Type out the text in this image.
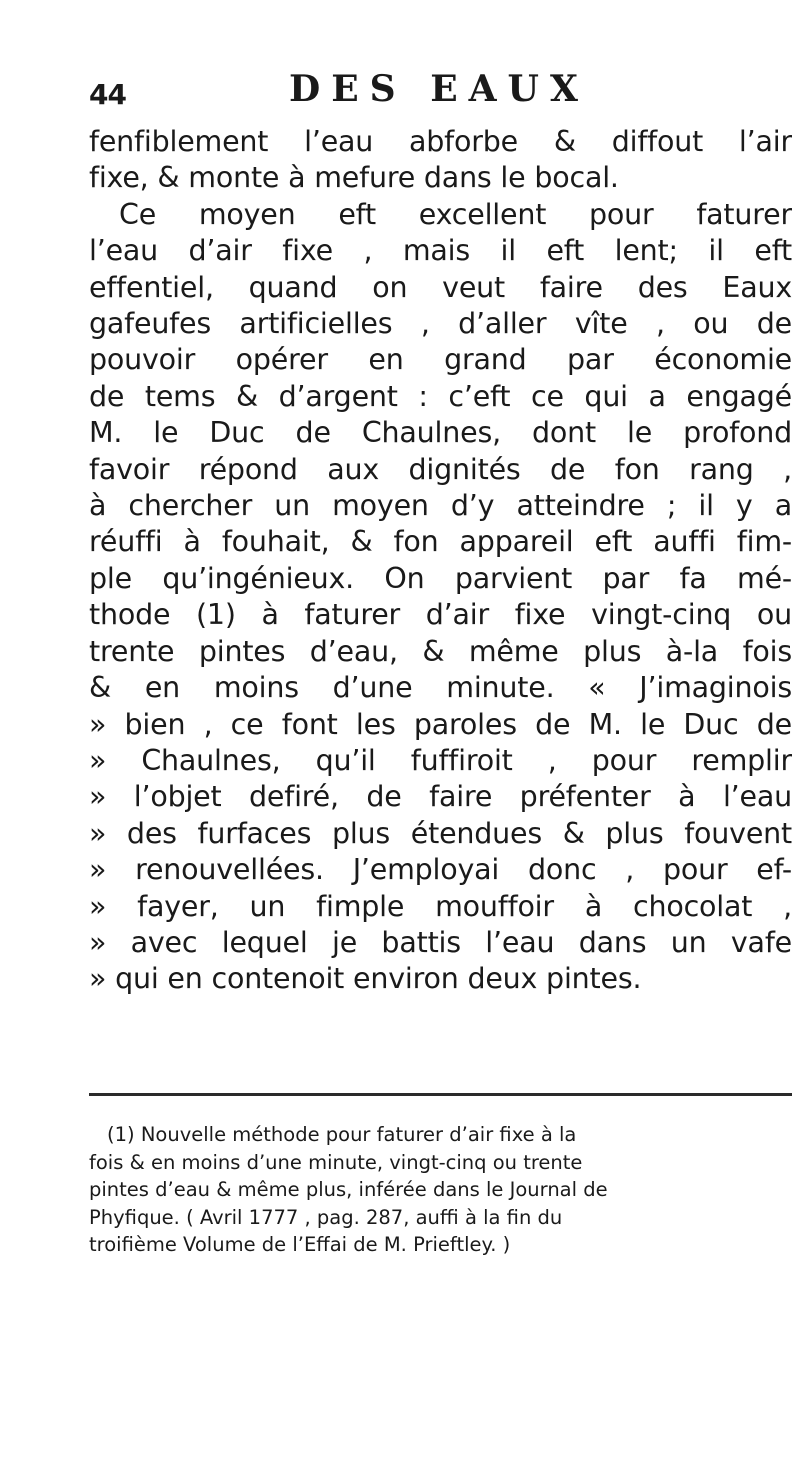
44	DES EAUX
fenfiblement l’eau abforbe & diffout l’air
fixe, & monte à mefure dans le bocal.
Ce moyen eft excellent pour faturer
l’eau d’air fixe , mais il eft lent; il eft
effentiel, quand on veut faire des Eaux
gafeufes artificielles , d’aller vîte , ou de
pouvoir opérer en grand par économie
de tems & d’argent : c’eft ce qui a engagé
M. le Duc de Chaulnes, dont le profond
favoir répond aux dignités de fon rang ,
à chercher un moyen d’y atteindre ; il y a
réuffi à fouhait, & fon appareil eft auffi fim-
ple qu’ingénieux. On parvient par fa mé-
thode (1) à faturer d’air fixe vingt-cinq ou
trente pintes d’eau, & même plus à-la fois
& en moins d’une minute. « J’imaginois
» bien , ce font les paroles de M. le Duc de
» Chaulnes, qu’il fuffiroit , pour remplir
» l’objet defiré, de faire préfenter à l’eau
» des furfaces plus étendues & plus fouvent
» renouvellées. J’employai donc , pour ef-
» fayer, un fimple mouffoir à chocolat ,
» avec lequel je battis l’eau dans un vafe
» qui en contenoit environ deux pintes.
(1) Nouvelle méthode pour faturer d’air fixe à la
fois & en moins d’une minute, vingt-cinq ou trente
pintes d’eau & même plus, inférée dans le Journal de
Phyfique. ( Avril 1777 , pag. 287, auffi à la fin du
troifième Volume de l’Effai de M. Prieftley. )
